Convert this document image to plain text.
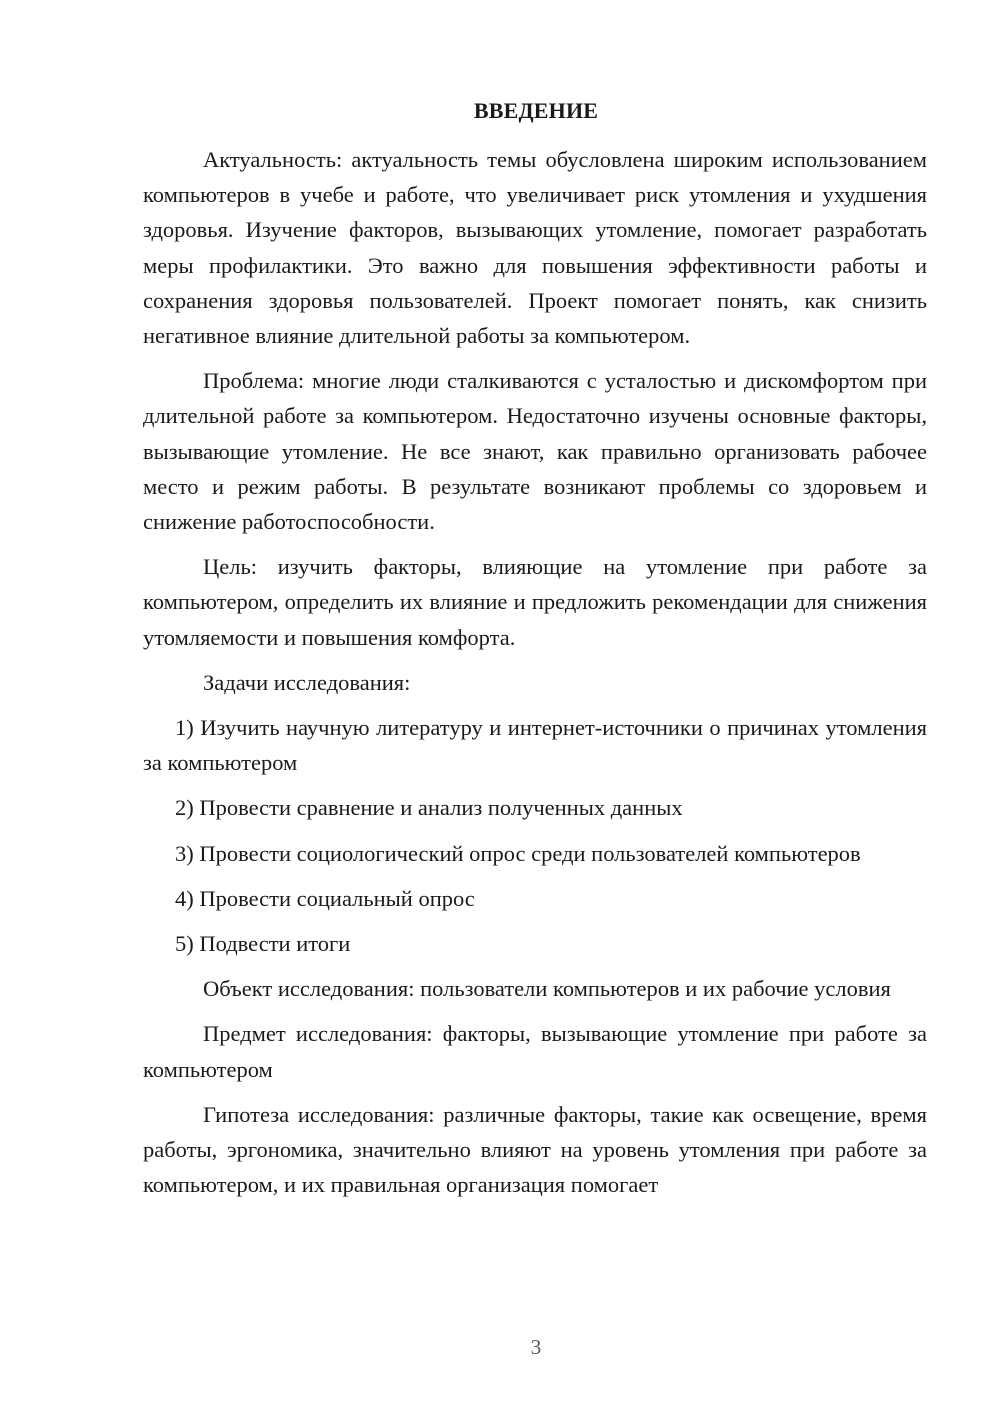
ВВЕДЕНИЕ

Актуальность: актуальность темы обусловлена широким использованием компьютеров в учебе и работе, что увеличивает риск утомления и ухудшения здоровья. Изучение факторов, вызывающих утомление, помогает разработать меры профилактики. Это важно для повышения эффективности работы и сохранения здоровья пользователей. Проект помогает понять, как снизить негативное влияние длительной работы за компьютером.

Проблема: многие люди сталкиваются с усталостью и дискомфортом при длительной работе за компьютером. Недостаточно изучены основные факторы, вызывающие утомление. Не все знают, как правильно организовать рабочее место и режим работы. В результате возникают проблемы со здоровьем и снижение работоспособности.

Цель: изучить факторы, влияющие на утомление при работе за компьютером, определить их влияние и предложить рекомендации для снижения утомляемости и повышения комфорта.

Задачи исследования:

1) Изучить научную литературу и интернет-источники о причинах утомления за компьютером

2) Провести сравнение и анализ полученных данных

3) Провести социологический опрос среди пользователей компьютеров

4) Провести социальный опрос

5) Подвести итоги

Объект исследования: пользователи компьютеров и их рабочие условия

Предмет исследования: факторы, вызывающие утомление при работе за компьютером

Гипотеза исследования: различные факторы, такие как освещение, время работы, эргономика, значительно влияют на уровень утомления при работе за компьютером, и их правильная организация помогает

3
